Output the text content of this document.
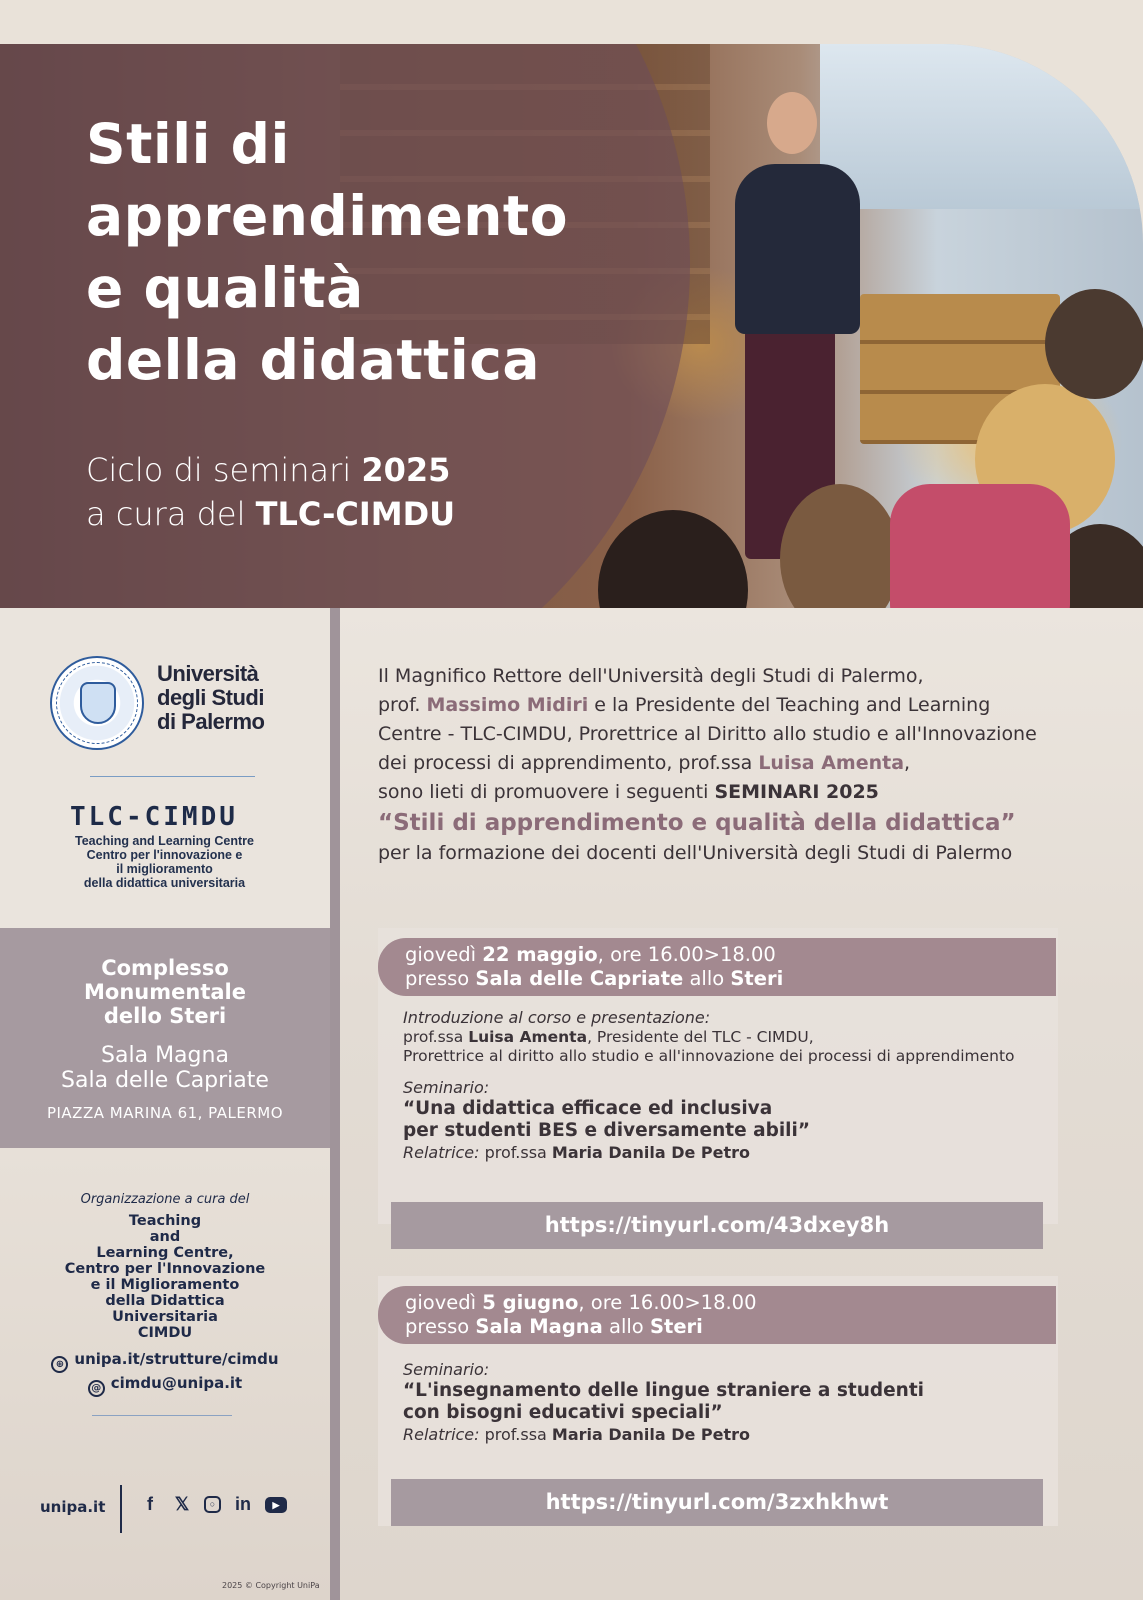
Stili di
apprendimento
e qualità
della didattica
Ciclo di seminari 2025
a cura del TLC-CIMDU
Università
degli Studi
di Palermo
TLC-CIMDU
Teaching and Learning Centre
Centro per l'innovazione e
il miglioramento
della didattica universitaria
Complesso
Monumentale
dello Steri
Sala Magna
Sala delle Capriate
PIAZZA MARINA 61, PALERMO
Organizzazione a cura del
Teaching
and
Learning Centre,
Centro per l'Innovazione
e il Miglioramento
della Didattica
Universitaria
CIMDU
⊕ unipa.it/strutture/cimdu
@ cimdu@unipa.it
unipa.it	f	𝕏	○	in	▶
2025 © Copyright UniPa

Il Magnifico Rettore dell'Università degli Studi di Palermo,

prof. Massimo Midiri e la Presidente del Teaching and Learning

Centre - TLC-CIMDU, Prorettrice al Diritto allo studio e all'Innovazione

dei processi di apprendimento, prof.ssa Luisa Amenta,

sono lieti di promuovere i seguenti SEMINARI 2025

“Stili di apprendimento e qualità della didattica”

per la formazione dei docenti dell'Università degli Studi di Palermo

giovedì 22 maggio, ore 16.00>18.00
presso Sala delle Capriate allo Steri
Introduzione al corso e presentazione:
prof.ssa Luisa Amenta, Presidente del TLC - CIMDU,
Prorettrice al diritto allo studio e all'innovazione dei processi di apprendimento
Seminario:
“Una didattica efficace ed inclusiva
per studenti BES e diversamente abili”
Relatrice: prof.ssa Maria Danila De Petro
https://tinyurl.com/43dxey8h
giovedì 5 giugno, ore 16.00>18.00
presso Sala Magna allo Steri
Seminario:
“L'insegnamento delle lingue straniere a studenti
con bisogni educativi speciali”
Relatrice: prof.ssa Maria Danila De Petro
https://tinyurl.com/3zxhkhwt
